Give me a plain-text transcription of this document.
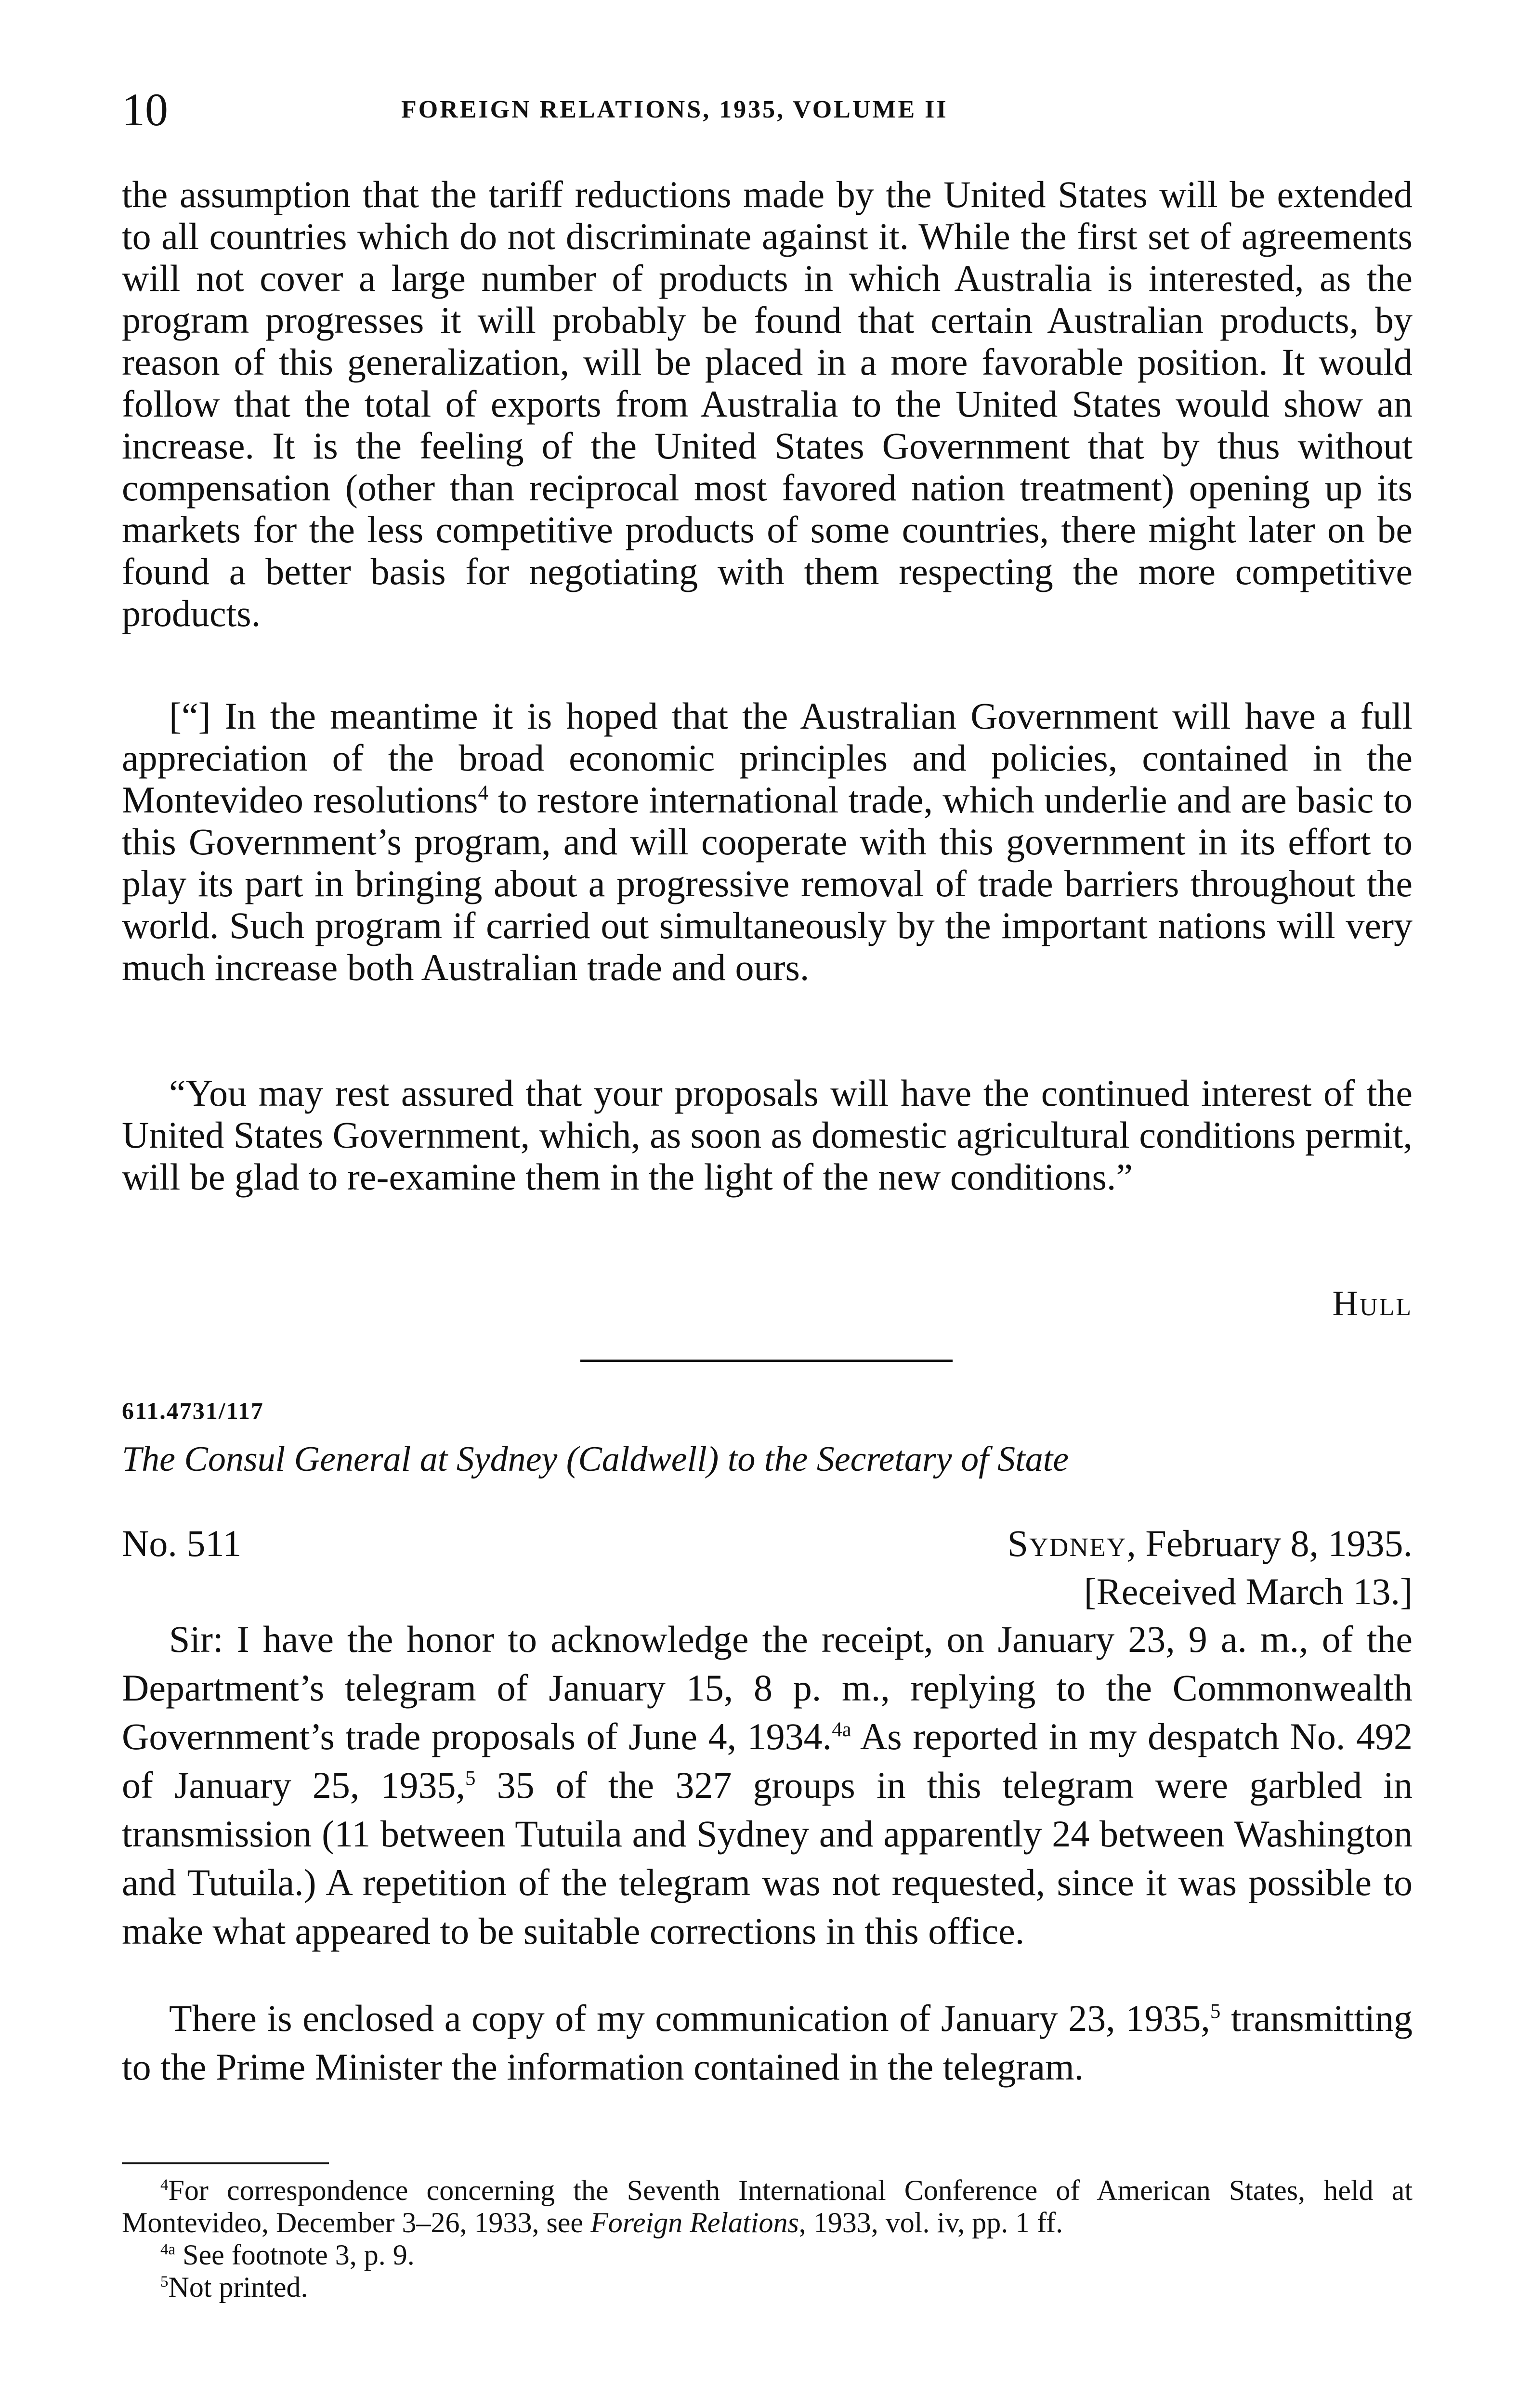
10	FOREIGN RELATIONS, 1935, VOLUME II

the assumption that the tariff reductions made by the United States will be extended to all countries which do not discriminate against it. While the first set of agreements will not cover a large number of products in which Australia is interested, as the program progresses it will probably be found that certain Australian products, by reason of this generalization, will be placed in a more favorable position. It would follow that the total of exports from Australia to the United States would show an increase. It is the feeling of the United States Government that by thus without compensation (other than reciprocal most favored nation treatment) opening up its markets for the less competitive products of some countries, there might later on be found a better basis for negotiating with them respecting the more competitive products.

[“] In the meantime it is hoped that the Australian Government will have a full appreciation of the broad economic principles and policies, contained in the Montevideo resolutions$^4$ to restore international trade, which underlie and are basic to this Government’s program, and will cooperate with this government in its effort to play its part in bringing about a progressive removal of trade barriers throughout the world. Such program if carried out simultaneously by the important nations will very much increase both Australian trade and ours.

“You may rest assured that your proposals will have the continued interest of the United States Government, which, as soon as domestic agricultural conditions permit, will be glad to re-examine them in the light of the new conditions.”

Hull
611.4731/117
The Consul General at Sydney (Caldwell) to the Secretary of State
No. 511	Sydney, February 8, 1935.
[Received March 13.]

Sir: I have the honor to acknowledge the receipt, on January 23, 9 a. m., of the Department’s telegram of January 15, 8 p. m., replying to the Commonwealth Government’s trade proposals of June 4, 1934.$^{4a}$ As reported in my despatch No. 492 of January 25, 1935,$^5$ 35 of the 327 groups in this telegram were garbled in transmission (11 between Tutuila and Sydney and apparently 24 between Washington and Tutuila.) A repetition of the telegram was not requested, since it was possible to make what appeared to be suitable corrections in this office.

There is enclosed a copy of my communication of January 23, 1935,$^5$ transmitting to the Prime Minister the information contained in the telegram.

$^4$For correspondence concerning the Seventh International Conference of American States, held at Montevideo, December 3–26, 1933, see Foreign Relations, 1933, vol. iv, pp. 1 ff.

$^{4a}$ See footnote 3, p. 9.

$^5$Not printed.
